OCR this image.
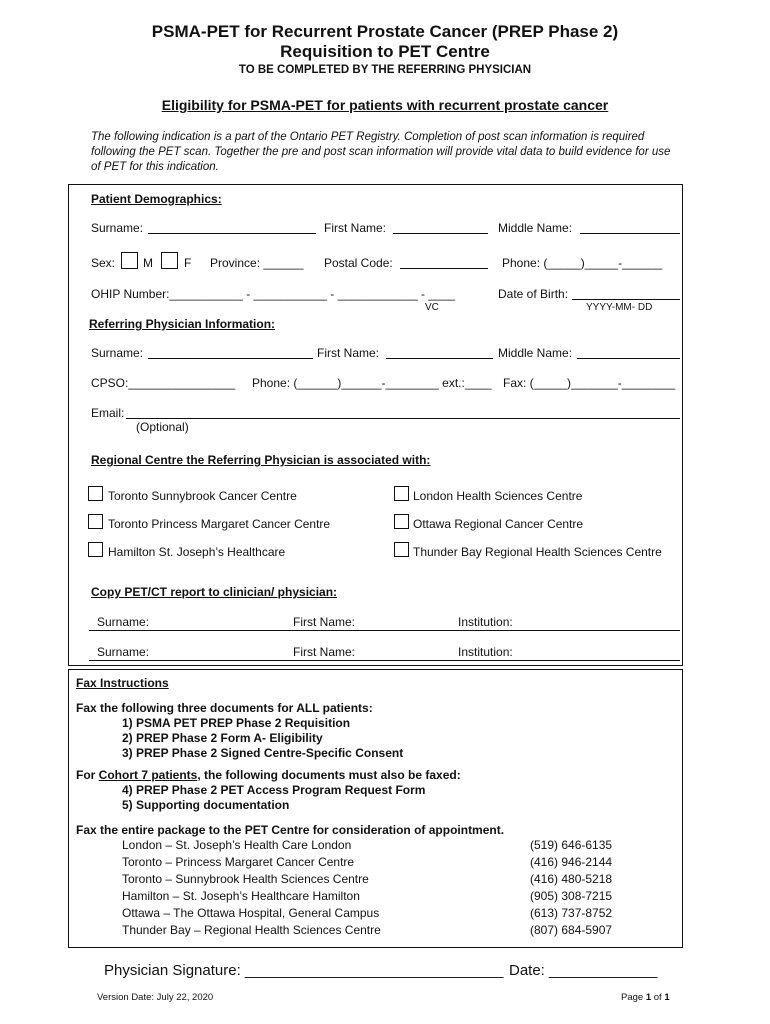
PSMA-PET for Recurrent Prostate Cancer (PREP Phase 2)
Requisition to PET Centre
TO BE COMPLETED BY THE REFERRING PHYSICIAN
Eligibility for PSMA-PET for patients with recurrent prostate cancer
The following indication is a part of the Ontario PET Registry. Completion of post scan information is required following the PET scan. Together the pre and post scan information will provide vital data to build evidence for use of PET for this indication.
Patient Demographics:
Surname:	First Name:	Middle Name:
Sex: M	F Province: ______ Postal Code:	Phone: (_____)_____-______
OHIP Number:___________ - ___________ - ____________ - ____
VC
Date of Birth:
YYYY-MM- DD
Referring Physician Information:
Surname:	First Name:	Middle Name:
CPSO:________________ Phone: (______)______-________ ext.:____ Fax: (_____)_______-________
Email:
(Optional)
Regional Centre the Referring Physician is associated with:
Toronto Sunnybrook Cancer Centre	London Health Sciences Centre
Toronto Princess Margaret Cancer Centre	Ottawa Regional Cancer Centre
Hamilton St. Joseph’s Healthcare	Thunder Bay Regional Health Sciences Centre
Copy PET/CT report to clinician/ physician:
Surname:	First Name:	Institution:
Surname:	First Name:	Institution:
Fax Instructions
Fax the following three documents for ALL patients:
1) PSMA PET PREP Phase 2 Requisition
2) PREP Phase 2 Form A- Eligibility
3) PREP Phase 2 Signed Centre-Specific Consent
For Cohort 7 patients, the following documents must also be faxed:
4) PREP Phase 2 PET Access Program Request Form
5) Supporting documentation
Fax the entire package to the PET Centre for consideration of appointment.
London – St. Joseph’s Health Care London	(519) 646-6135
Toronto – Princess Margaret Cancer Centre	(416) 946-2144
Toronto – Sunnybrook Health Sciences Centre	(416) 480-5218
Hamilton – St. Joseph’s Healthcare Hamilton	(905) 308-7215
Ottawa – The Ottawa Hospital, General Campus	(613) 737-8752
Thunder Bay – Regional Health Sciences Centre	(807) 684-5907
Physician Signature: _______________________________ Date: _____________
Version Date: July 22, 2020	Page 1 of 1
